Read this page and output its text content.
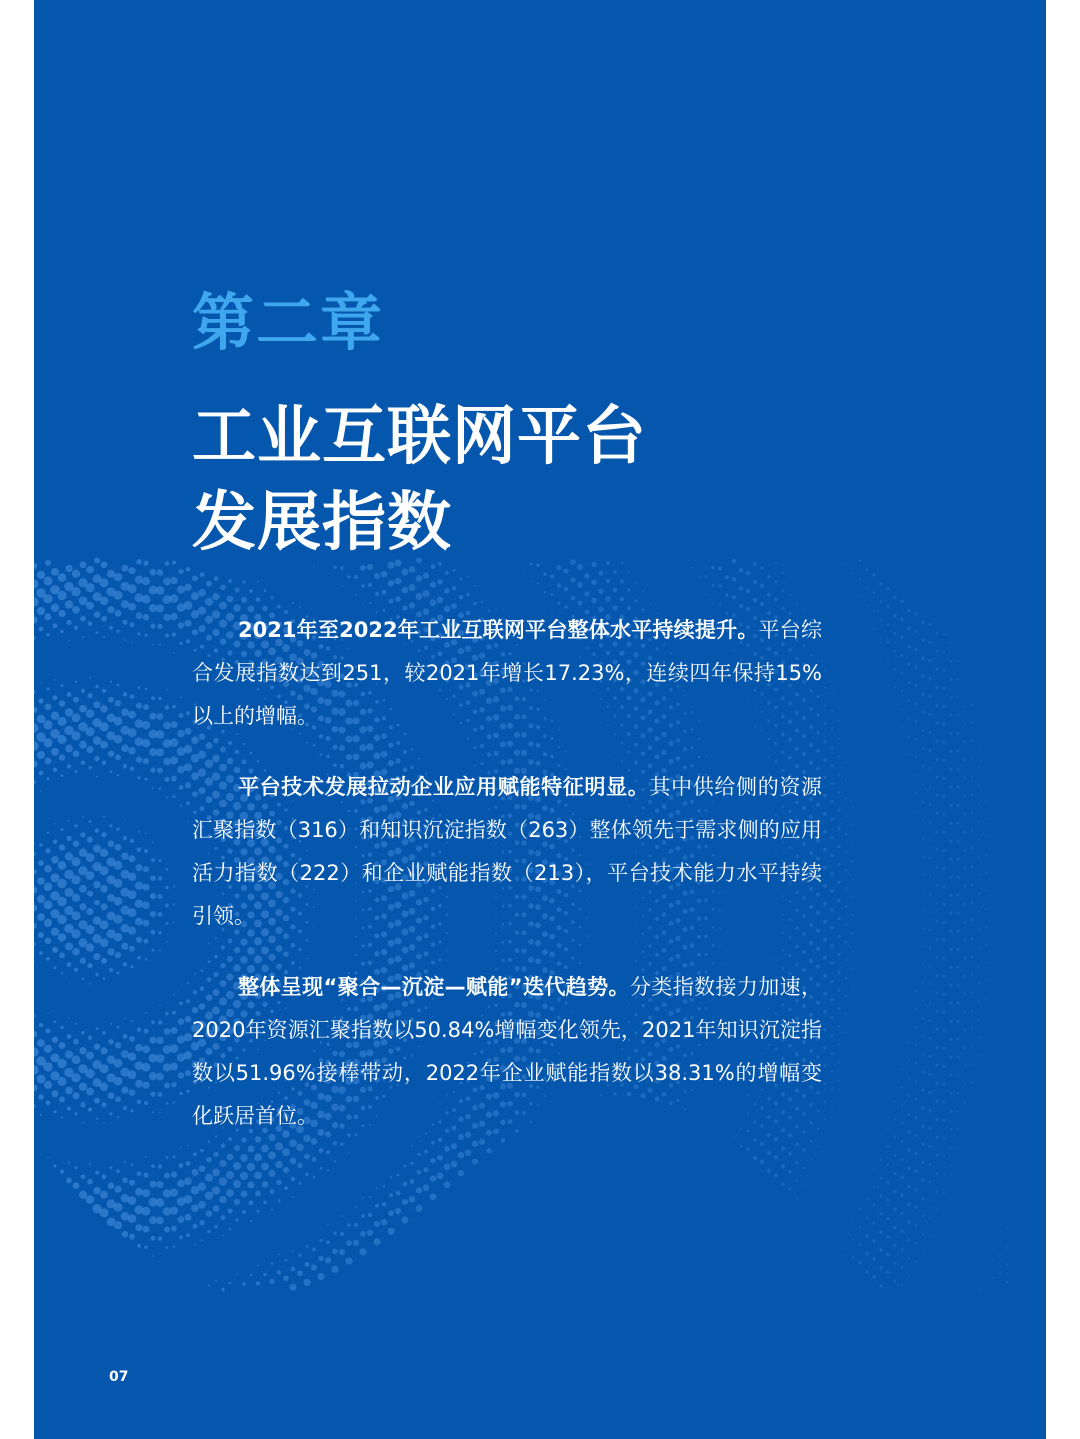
第二章
工业互联网平台
发展指数

2021年至2022年工业互联网平台整体水平持续提升。平台综合发展指数达到251，较2021年增长17.23%，连续四年保持15%以上的增幅。

平台技术发展拉动企业应用赋能特征明显。其中供给侧的资源汇聚指数（316）和知识沉淀指数（263）整体领先于需求侧的应用活力指数（222）和企业赋能指数（213），平台技术能力水平持续引领。

整体呈现“聚合—沉淀—赋能”迭代趋势。分类指数接力加速，2020年资源汇聚指数以50.84%增幅变化领先，2021年知识沉淀指数以51.96%接棒带动，2022年企业赋能指数以38.31%的增幅变化跃居首位。

07
